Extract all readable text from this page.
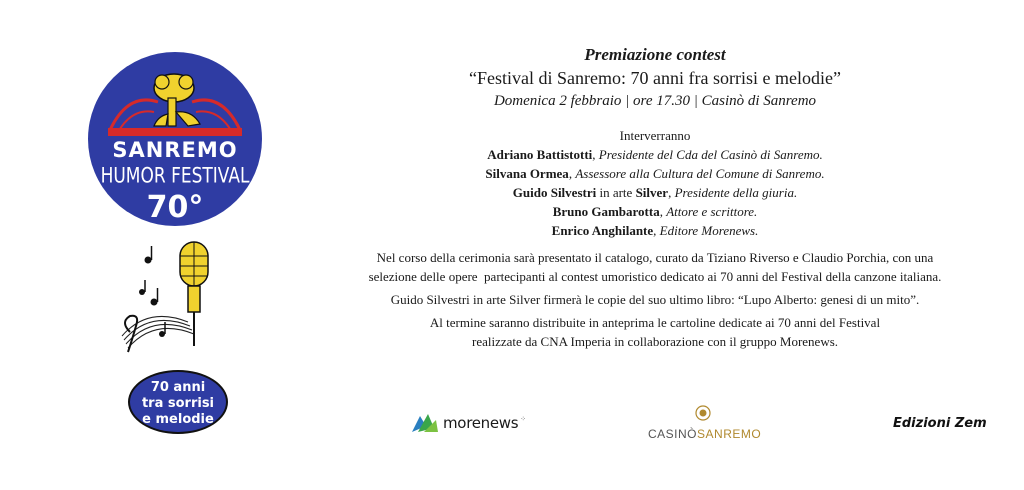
SANREMO
HUMOR FESTIVAL
70°
70 anni
tra sorrisi
e melodie

Premiazione contest

“Festival di Sanremo: 70 anni fra sorrisi e melodie”

Domenica 2 febbraio | ore 17.30 | Casinò di Sanremo

Interverranno

Adriano Battistotti, Presidente del Cda del Casinò di Sanremo.

Silvana Ormea, Assessore alla Cultura del Comune di Sanremo.

Guido Silvestri in arte Silver, Presidente della giuria.

Bruno Gambarotta, Attore e scrittore.

Enrico Anghilante, Editore Morenews.

Nel corso della cerimonia sarà presentato il catalogo, curato da Tiziano Riverso e Claudio Porchia, con una

selezione delle opere  partecipanti al contest umoristico dedicato ai 70 anni del Festival della canzone italiana.

Guido Silvestri in arte Silver firmerà le copie del suo ultimo libro: “Lupo Alberto: genesi di un mito”.

Al termine saranno distribuite in anteprima le cartoline dedicate ai 70 anni del Festival

realizzate da CNA Imperia in collaborazione con il gruppo Morenews.

morenews ⁘
CASINÒSANREMO
Edizioni Zem
